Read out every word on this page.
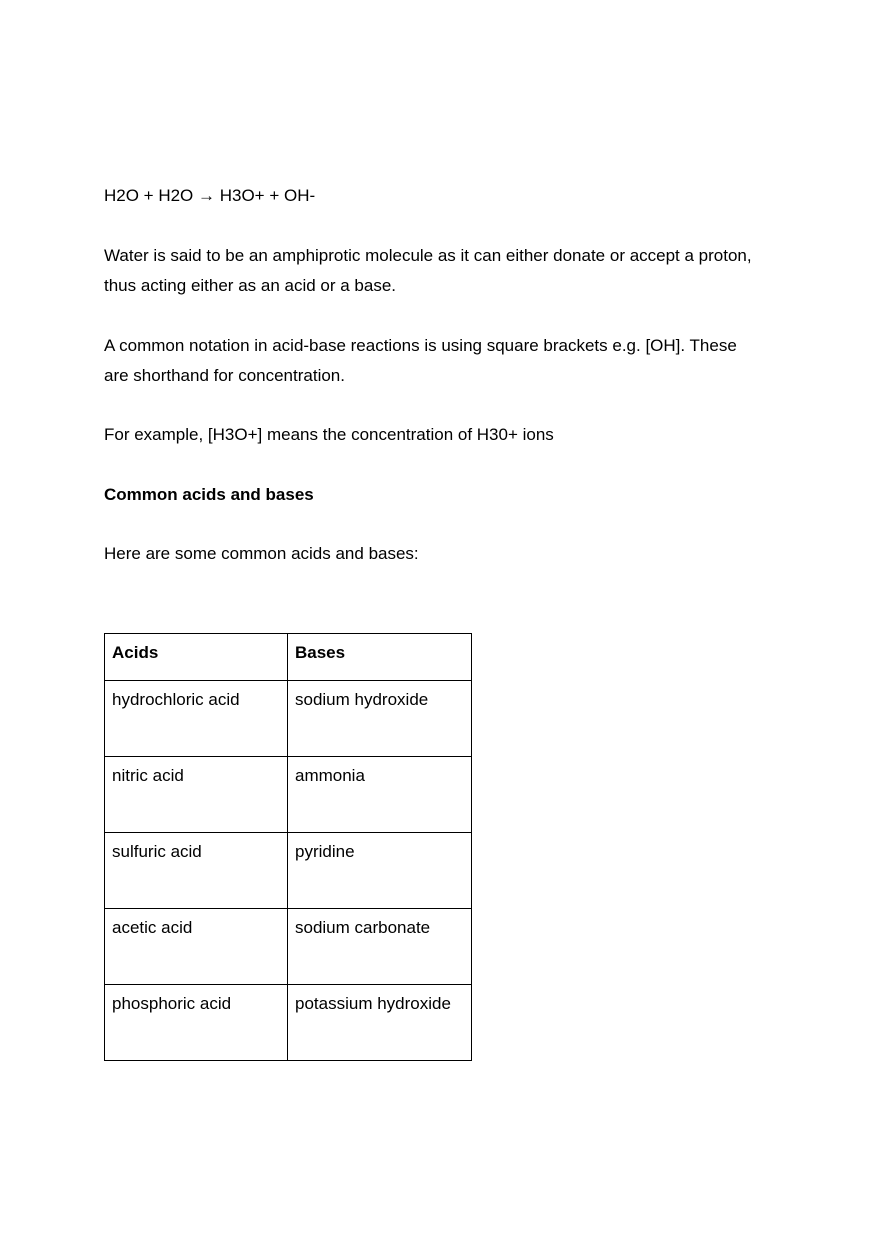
H2O + H2O → H3O+ + OH-

Water is said to be an amphiprotic molecule as it can either donate or accept a proton,

thus acting either as an acid or a base.

A common notation in acid-base reactions is using square brackets e.g. [OH]. These

are shorthand for concentration.

For example, [H3O+] means the concentration of H30+ ions

Common acids and bases

Here are some common acids and bases:

Acids	Bases
hydrochloric acid	sodium hydroxide
nitric acid	ammonia
sulfuric acid	pyridine
acetic acid	sodium carbonate
phosphoric acid	potassium hydroxide
